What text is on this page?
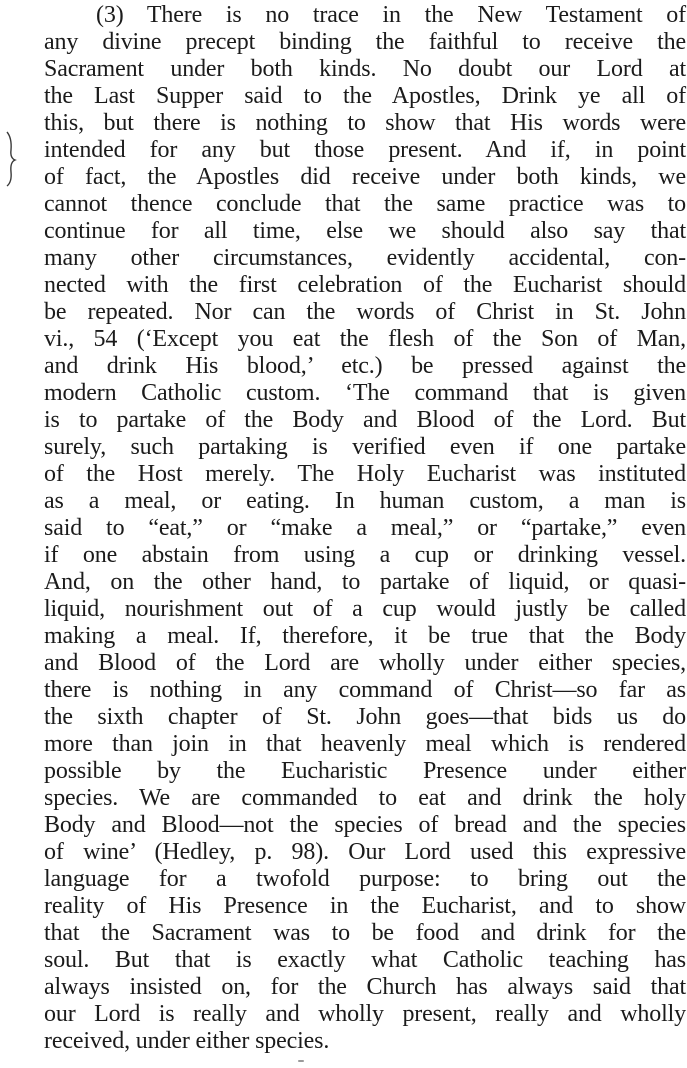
(3) There is no trace in the New Testament of
any divine precept binding the faithful to receive the
Sacrament under both kinds. No doubt our Lord at
the Last Supper said to the Apostles, Drink ye all of
this, but there is nothing to show that His words were
intended for any but those present. And if, in point
of fact, the Apostles did receive under both kinds, we
cannot thence conclude that the same practice was to
continue for all time, else we should also say that
many other circumstances, evidently accidental, con-
nected with the first celebration of the Eucharist should
be repeated. Nor can the words of Christ in St. John
vi., 54 (‘Except you eat the flesh of the Son of Man,
and drink His blood,’ etc.) be pressed against the
modern Catholic custom. ‘The command that is given
is to partake of the Body and Blood of the Lord. But
surely, such partaking is verified even if one partake
of the Host merely. The Holy Eucharist was instituted
as a meal, or eating. In human custom, a man is
said to “eat,” or “make a meal,” or “partake,” even
if one abstain from using a cup or drinking vessel.
And, on the other hand, to partake of liquid, or quasi-
liquid, nourishment out of a cup would justly be called
making a meal. If, therefore, it be true that the Body
and Blood of the Lord are wholly under either species,
there is nothing in any command of Christ—so far as
the sixth chapter of St. John goes—that bids us do
more than join in that heavenly meal which is rendered
possible by the Eucharistic Presence under either
species. We are commanded to eat and drink the holy
Body and Blood—not the species of bread and the species
of wine’ (Hedley, p. 98). Our Lord used this expressive
language for a twofold purpose: to bring out the
reality of His Presence in the Eucharist, and to show
that the Sacrament was to be food and drink for the
soul. But that is exactly what Catholic teaching has
always insisted on, for the Church has always said that
our Lord is really and wholly present, really and wholly
received, under either species.
